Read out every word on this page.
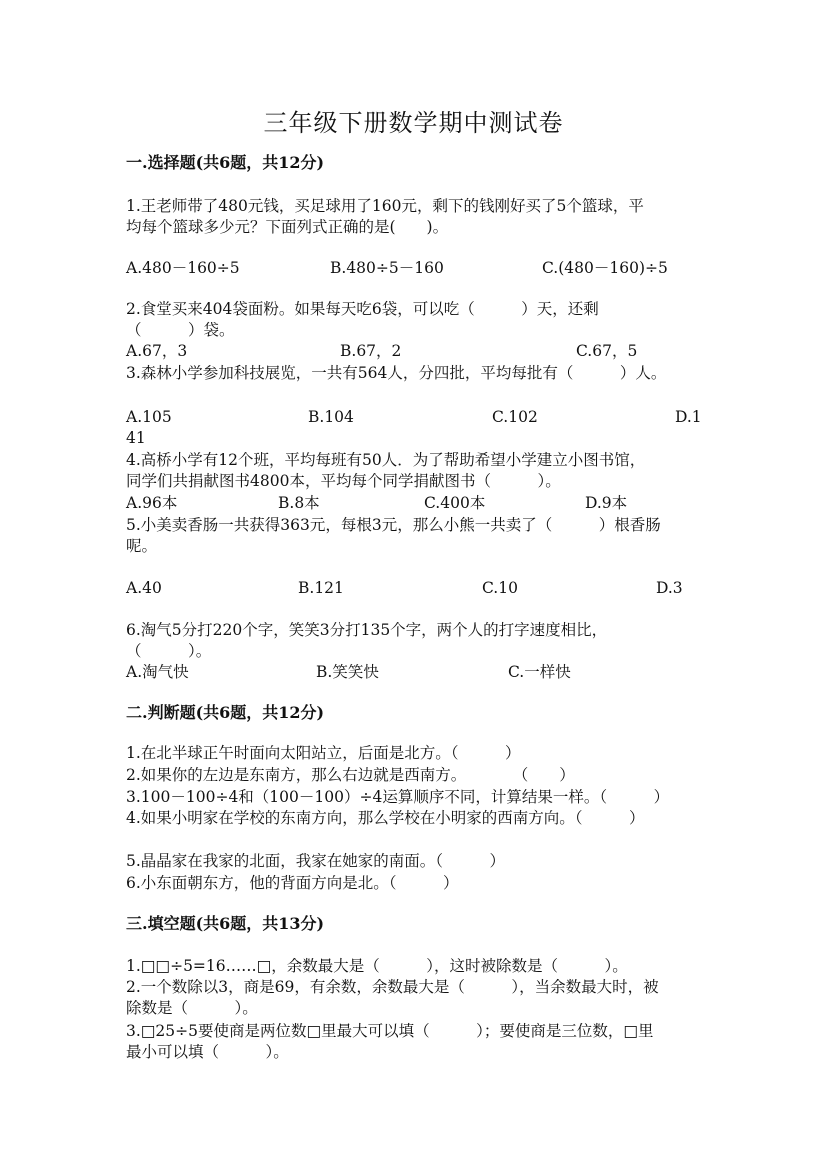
三年级下册数学期中测试卷
一.选择题(共6题，共12分)
1.王老师带了480元钱，买足球用了160元，剩下的钱刚好买了5个篮球，平
均每个篮球多少元？下面列式正确的是(　　)。
A.480－160÷5	B.480÷5－160	C.(480－160)÷5
2.食堂买来404袋面粉。如果每天吃6袋，可以吃（　　　）天，还剩
（　　　）袋。
A.67，3	B.67，2	C.67，5
3.森林小学参加科技展览，一共有564人，分四批，平均每批有（　　　）人。
A.105	B.104	C.102	D.1
41
4.高桥小学有12个班，平均每班有50人．为了帮助希望小学建立小图书馆，
同学们共捐献图书4800本，平均每个同学捐献图书（　　　）。
A.96本	B.8本	C.400本	D.9本
5.小美卖香肠一共获得363元，每根3元，那么小熊一共卖了（　　　）根香肠
呢。
A.40	B.121	C.10	D.3
6.淘气5分打220个字，笑笑3分打135个字，两个人的打字速度相比，
（　　　）。
A.淘气快	B.笑笑快	C.一样快
二.判断题(共6题，共12分)
1.在北半球正午时面向太阳站立，后面是北方。（　　　）
2.如果你的左边是东南方，那么右边就是西南方。　　　　（　　）
3.100－100÷4和（100－100）÷4运算顺序不同，计算结果一样。（　　　）
4.如果小明家在学校的东南方向，那么学校在小明家的西南方向。（　　　）
5.晶晶家在我家的北面，我家在她家的南面。（　　　）
6.小东面朝东方，他的背面方向是北。（　　　）
三.填空题(共6题，共13分)
1.□□÷5=16……□，余数最大是（　　　），这时被除数是（　　　）。
2.一个数除以3，商是69，有余数，余数最大是（　　　），当余数最大时，被
除数是（　　　）。
3.□25÷5要使商是两位数□里最大可以填（　　　）；要使商是三位数，□里
最小可以填（　　　）。
